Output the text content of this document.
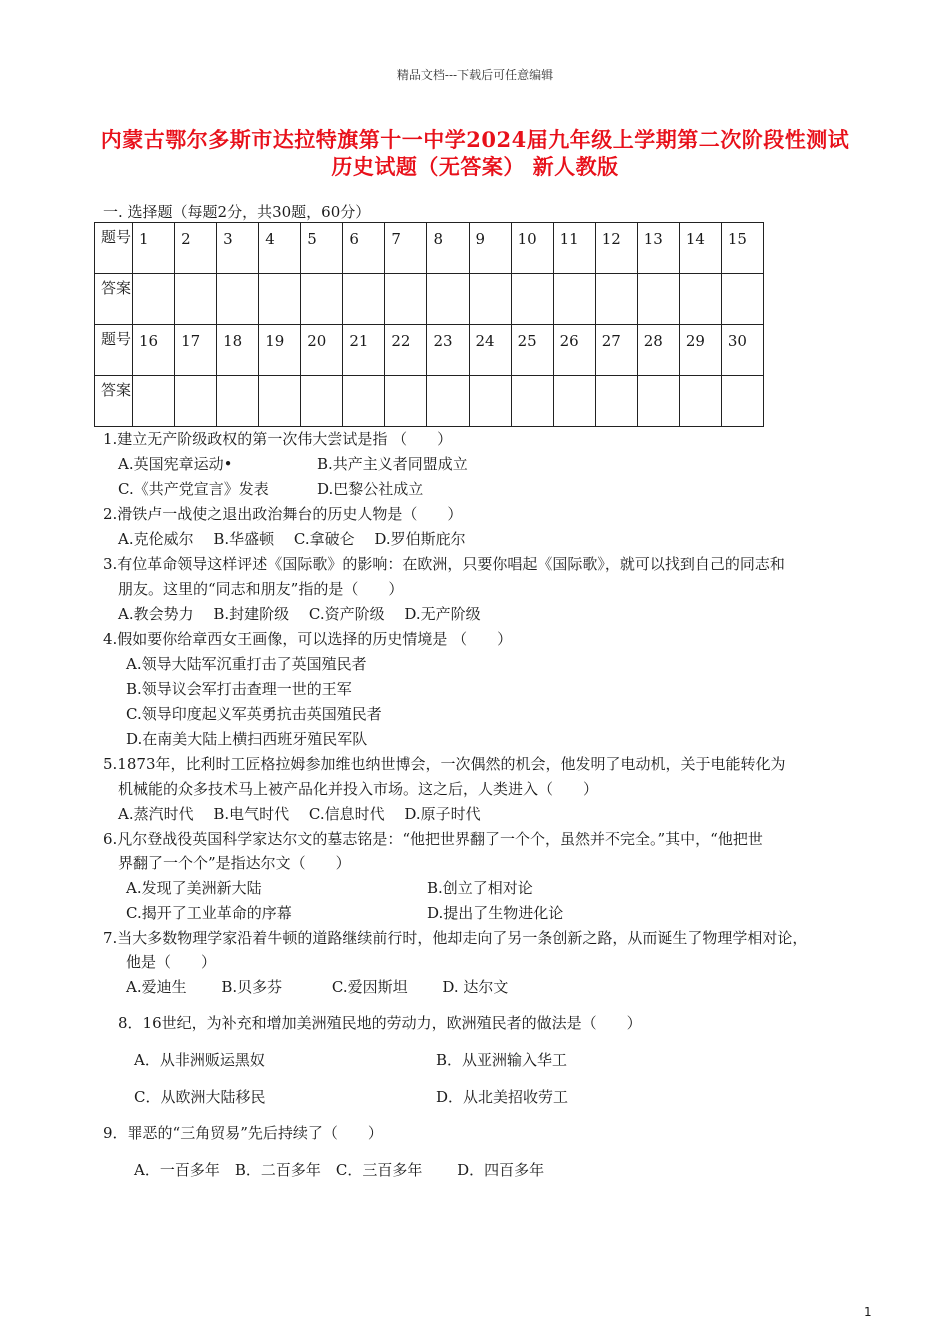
精品文档---下载后可任意编辑
内蒙古鄂尔多斯市达拉特旗第十一中学2024届九年级上学期第二次阶段性测试
历史试题（无答案） 新人教版
一. 选择题（每题2分，共30题，60分）
题号	1	2	3	4	5	6	7	8	9	10	11	12	13	14	15
答案															
题号	16	17	18	19	20	21	22	23	24	25	26	27	28	29	30
答案															
1.建立无产阶级政权的第一次伟大尝试是指 （　　）
A.英国宪章运动•	B.共产主义者同盟成立
C.《共产党宣言》发表	D.巴黎公社成立
2.滑铁卢一战使之退出政治舞台的历史人物是（　　）
A.克伦威尔　 B.华盛顿　 C.拿破仑　 D.罗伯斯庇尔
3.有位革命领导这样评述《国际歌》的影响：在欧洲，只要你唱起《国际歌》，就可以找到自己的同志和
朋友。这里的“同志和朋友”指的是（　　）
A.教会势力　 B.封建阶级　 C.资产阶级　 D.无产阶级
4.假如要你给章西女王画像，可以选择的历史情境是 （　　）
A.领导大陆军沉重打击了英国殖民者
B.领导议会军打击查理一世的王军
C.领导印度起义军英勇抗击英国殖民者
D.在南美大陆上横扫西班牙殖民军队
5.1873年，比利时工匠格拉姆参加维也纳世博会，一次偶然的机会，他发明了电动机，关于电能转化为
机械能的众多技术马上被产品化并投入市场。这之后，人类进入（　　）
A.蒸汽时代　 B.电气时代　 C.信息时代　 D.原子时代
6.凡尔登战役英国科学家达尔文的墓志铭是：“他把世界翻了一个个，虽然并不完全。”其中，“他把世
界翻了一个个”是指达尔文（　　）
A.发现了美洲新大陆	B.创立了相对论
C.揭开了工业革命的序幕	D.提出了生物进化论
7.当大多数物理学家沿着牛顿的道路继续前行时，他却走向了另一条创新之路，从而诞生了物理学相对论，
他是（　　）
A.爱迪生　　 B.贝多芬　　　 C.爱因斯坦　　 D. 达尔文
8．16世纪，为补充和增加美洲殖民地的劳动力，欧洲殖民者的做法是（　　）
A．从非洲贩运黑奴	B．从亚洲输入华工
C．从欧洲大陆移民	D．从北美招收劳工
9．罪恶的“三角贸易”先后持续了（　　）
A．一百多年　B．二百多年　C．三百多年　　 D．四百多年
1
